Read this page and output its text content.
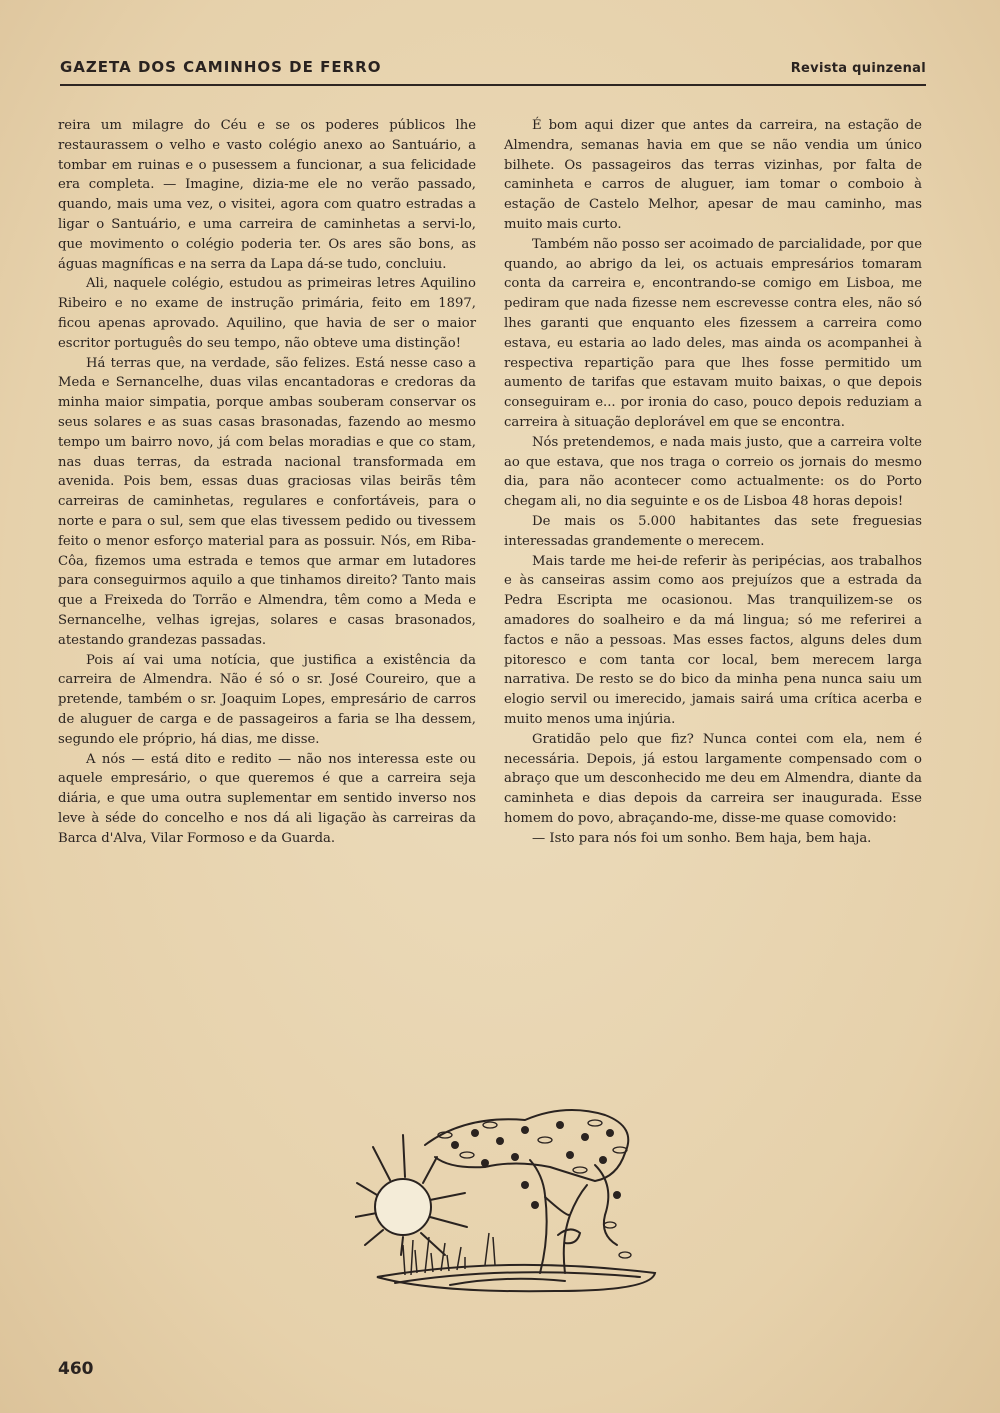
GAZETA DOS CAMINHOS DE FERRO	Revista quinzenal

reira um milagre do Céu e se os poderes públicos lhe restaurassem o velho e vasto colégio anexo ao Santuário, a tombar em ruinas e o pusessem a funcionar, a sua felicidade era completa. — Imagine, dizia-me ele no verão passado, quando, mais uma vez, o visitei, agora com quatro estradas a ligar o Santuário, e uma carreira de caminhetas a servi-lo, que movimento o colégio poderia ter. Os ares são bons, as águas magníficas e na serra da Lapa dá-se tudo, concluiu.

Ali, naquele colégio, estudou as primeiras letres Aquilino Ribeiro e no exame de instrução primária, feito em 1897, ficou apenas aprovado. Aquilino, que havia de ser o maior escritor português do seu tempo, não obteve uma distinção!

Há terras que, na verdade, são felizes. Está nesse caso a Meda e Sernancelhe, duas vilas encantadoras e credoras da minha maior simpatia, porque ambas souberam conservar os seus solares e as suas casas brasonadas, fazendo ao mesmo tempo um bairro novo, já com belas moradias e que co stam, nas duas terras, da estrada nacional transformada em avenida. Pois bem, essas duas graciosas vilas beirãs têm carreiras de caminhetas, regulares e confortáveis, para o norte e para o sul, sem que elas tivessem pedido ou tivessem feito o menor esforço material para as possuir. Nós, em Riba-Côa, fizemos uma estrada e temos que armar em lutadores para conseguirmos aquilo a que tinhamos direito? Tanto mais que a Freixeda do Torrão e Almendra, têm como a Meda e Sernancelhe, velhas igrejas, solares e casas brasonados, atestando grandezas passadas.

Pois aí vai uma notícia, que justifica a existência da carreira de Almendra. Não é só o sr. José Coureiro, que a pretende, também o sr. Joaquim Lopes, empresário de carros de aluguer de carga e de passageiros a faria se lha dessem, segundo ele próprio, há dias, me disse.

A nós — está dito e redito — não nos interessa este ou aquele empresário, o que queremos é que a carreira seja diária, e que uma outra suplementar em sentido inverso nos leve à séde do concelho e nos dá ali ligação às carreiras da Barca d'Alva, Vilar Formoso e da Guarda.

É bom aqui dizer que antes da carreira, na estação de Almendra, semanas havia em que se não vendia um único bilhete. Os passageiros das terras vizinhas, por falta de caminheta e carros de aluguer, iam tomar o comboio à estação de Castelo Melhor, apesar de mau caminho, mas muito mais curto.

Também não posso ser acoimado de parcialidade, por que quando, ao abrigo da lei, os actuais empresários tomaram conta da carreira e, encontrando-se comigo em Lisboa, me pediram que nada fizesse nem escrevesse contra eles, não só lhes garanti que enquanto eles fizessem a carreira como estava, eu estaria ao lado deles, mas ainda os acompanhei à respectiva repartição para que lhes fosse permitido um aumento de tarifas que estavam muito baixas, o que depois conseguiram e... por ironia do caso, pouco depois reduziam a carreira à situação deplorável em que se encontra.

Nós pretendemos, e nada mais justo, que a carreira volte ao que estava, que nos traga o correio os jornais do mesmo dia, para não acontecer como actualmente: os do Porto chegam ali, no dia seguinte e os de Lisboa 48 horas depois!

De mais os 5.000 habitantes das sete freguesias interessadas grandemente o merecem.

Mais tarde me hei-de referir às peripécias, aos trabalhos e às canseiras assim como aos prejuízos que a estrada da Pedra Escripta me ocasionou. Mas tranquilizem-se os amadores do soalheiro e da má lingua; só me referirei a factos e não a pessoas. Mas esses factos, alguns deles dum pitoresco e com tanta cor local, bem merecem larga narrativa. De resto se do bico da minha pena nunca saiu um elogio servil ou imerecido, jamais sairá uma crítica acerba e muito menos uma injúria.

Gratidão pelo que fiz? Nunca contei com ela, nem é necessária. Depois, já estou largamente compensado com o abraço que um desconhecido me deu em Almendra, diante da caminheta e dias depois da carreira ser inaugurada. Esse homem do povo, abraçando-me, disse-me quase comovido:

— Isto para nós foi um sonho. Bem haja, bem haja.

460
